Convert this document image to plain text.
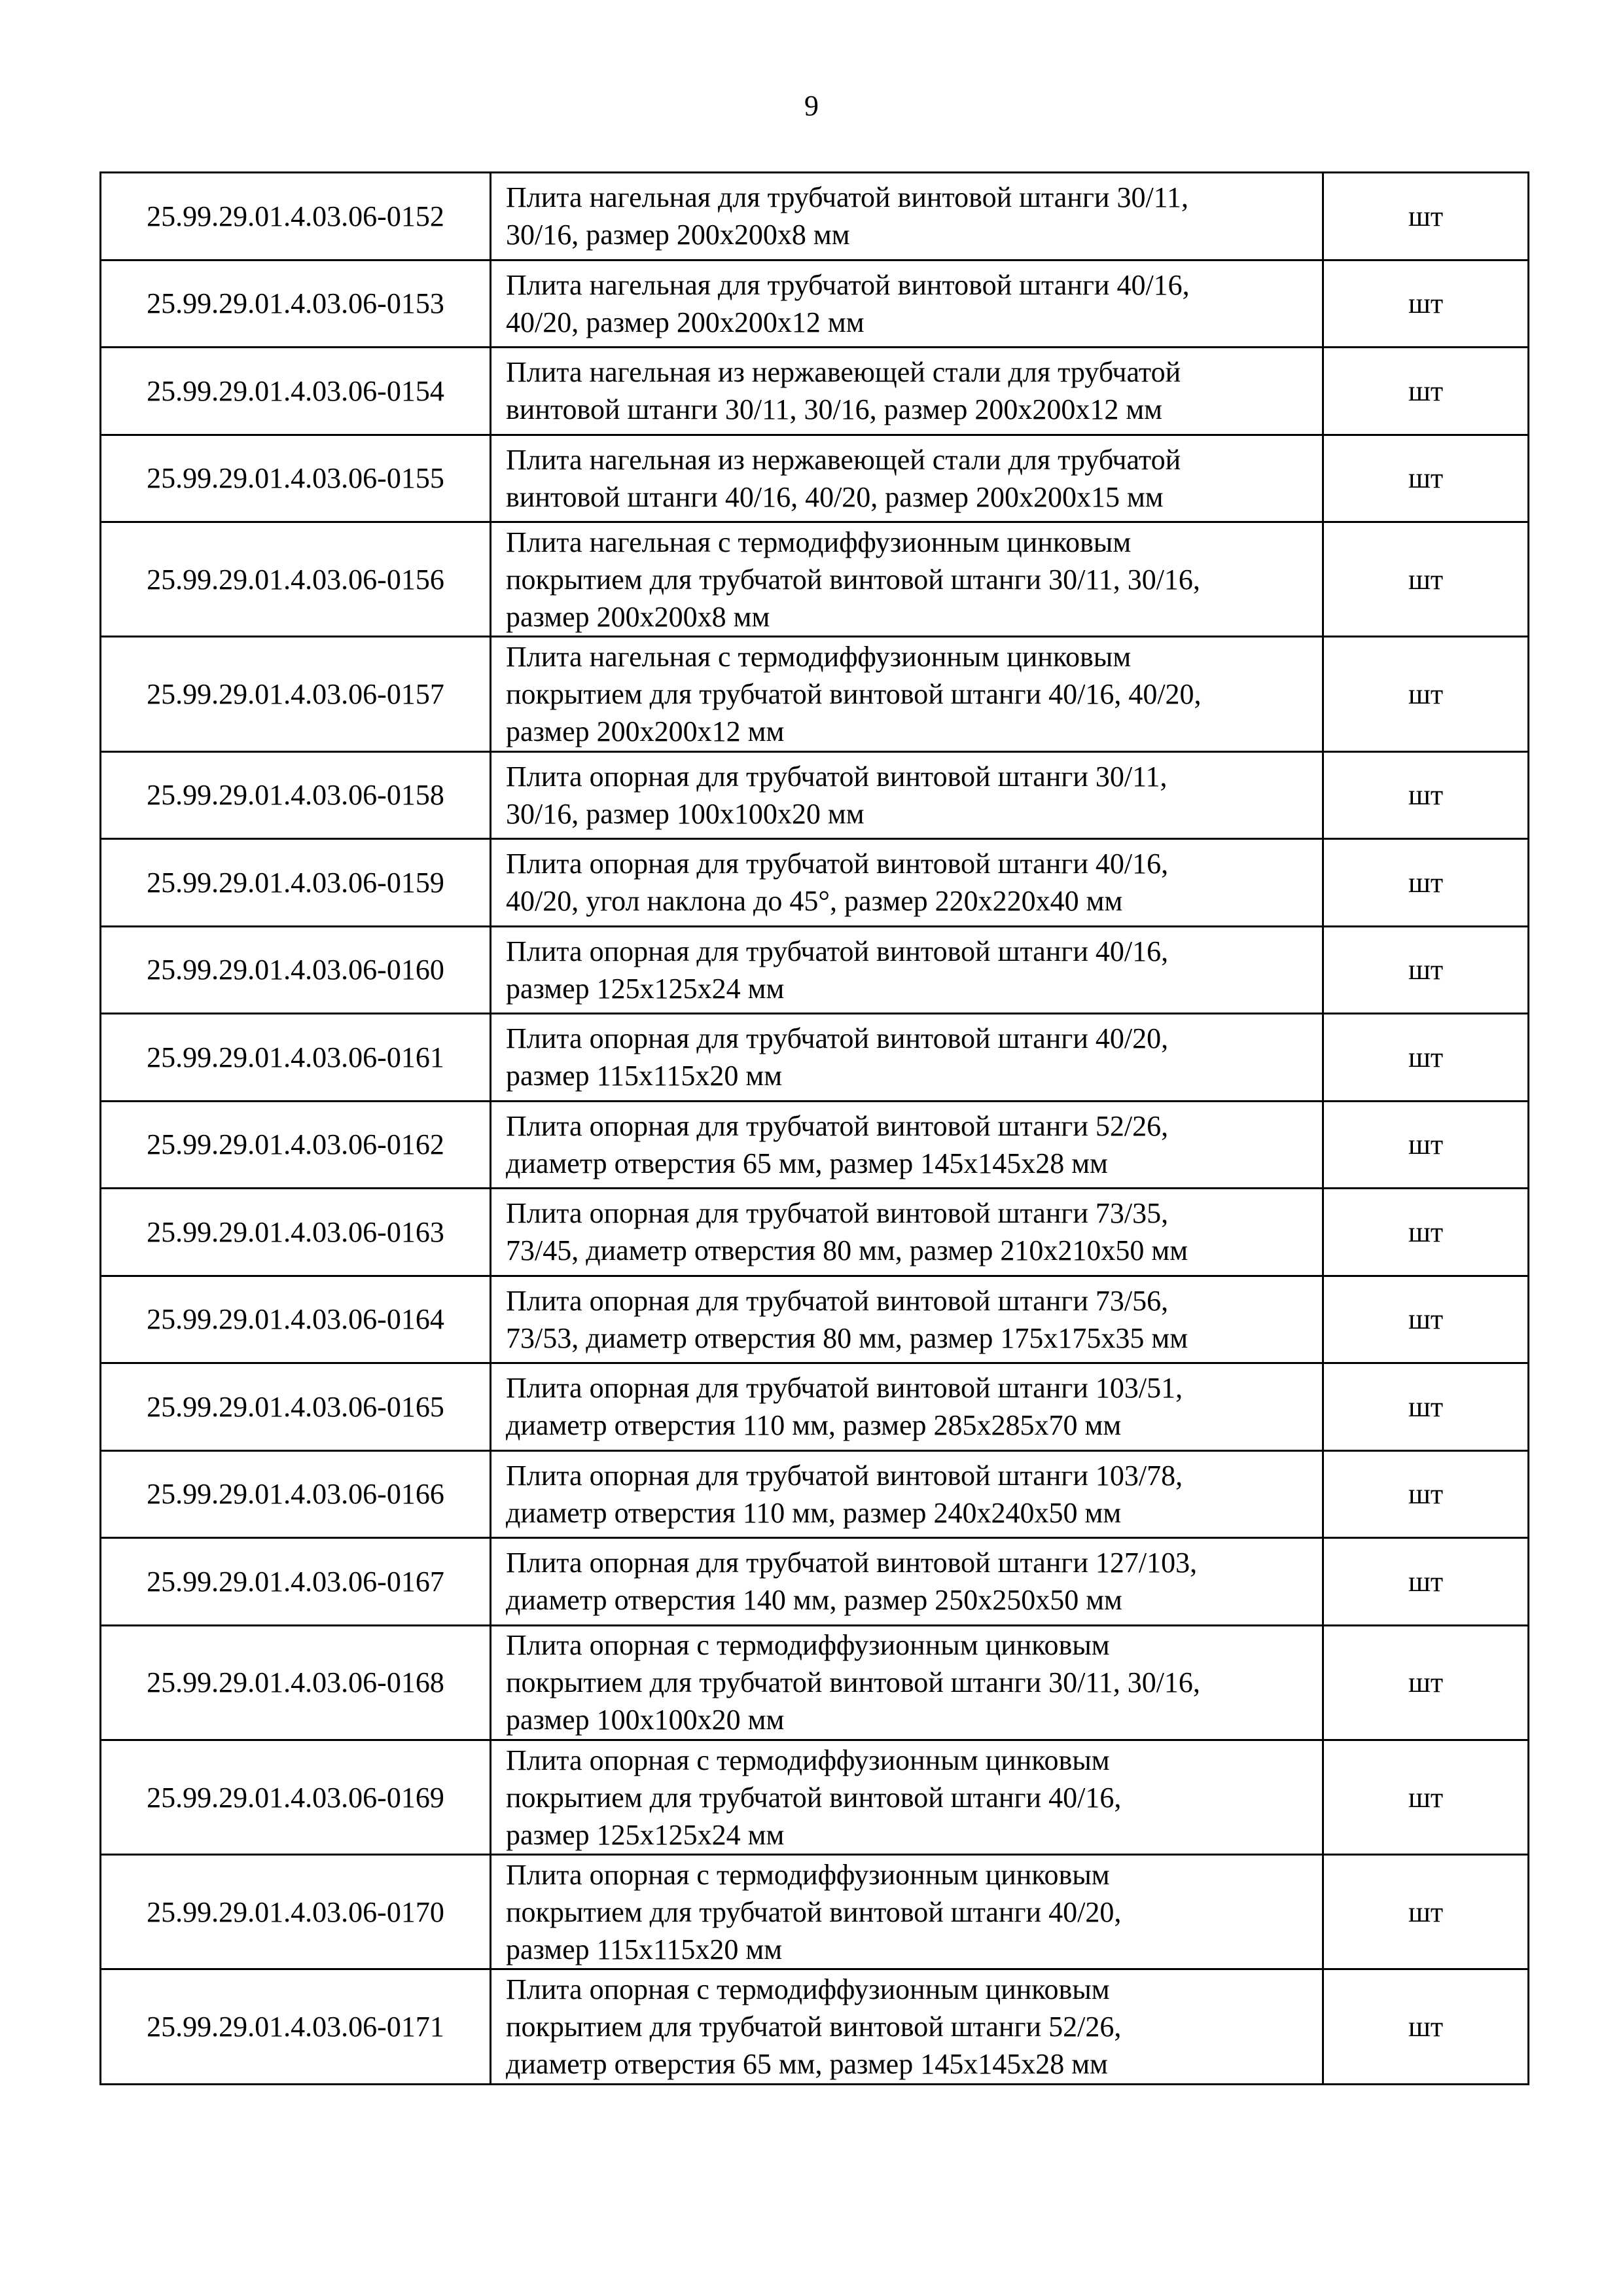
9
25.99.29.01.4.03.06-0152	Плита нагельная для трубчатой винтовой штанги 30/11,
30/16, размер 200x200x8 мм	шт
25.99.29.01.4.03.06-0153	Плита нагельная для трубчатой винтовой штанги 40/16,
40/20, размер 200x200x12 мм	шт
25.99.29.01.4.03.06-0154	Плита нагельная из нержавеющей стали для трубчатой
винтовой штанги 30/11, 30/16, размер 200x200x12 мм	шт
25.99.29.01.4.03.06-0155	Плита нагельная из нержавеющей стали для трубчатой
винтовой штанги 40/16, 40/20, размер 200x200x15 мм	шт
25.99.29.01.4.03.06-0156	Плита нагельная с термодиффузионным цинковым
покрытием для трубчатой винтовой штанги 30/11, 30/16,
размер 200x200x8 мм	шт
25.99.29.01.4.03.06-0157	Плита нагельная с термодиффузионным цинковым
покрытием для трубчатой винтовой штанги 40/16, 40/20,
размер 200x200x12 мм	шт
25.99.29.01.4.03.06-0158	Плита опорная для трубчатой винтовой штанги 30/11,
30/16, размер 100x100x20 мм	шт
25.99.29.01.4.03.06-0159	Плита опорная для трубчатой винтовой штанги 40/16,
40/20, угол наклона до 45°, размер 220x220x40 мм	шт
25.99.29.01.4.03.06-0160	Плита опорная для трубчатой винтовой штанги 40/16,
размер 125x125x24 мм	шт
25.99.29.01.4.03.06-0161	Плита опорная для трубчатой винтовой штанги 40/20,
размер 115x115x20 мм	шт
25.99.29.01.4.03.06-0162	Плита опорная для трубчатой винтовой штанги 52/26,
диаметр отверстия 65 мм, размер 145x145x28 мм	шт
25.99.29.01.4.03.06-0163	Плита опорная для трубчатой винтовой штанги 73/35,
73/45, диаметр отверстия 80 мм, размер 210x210x50 мм	шт
25.99.29.01.4.03.06-0164	Плита опорная для трубчатой винтовой штанги 73/56,
73/53, диаметр отверстия 80 мм, размер 175x175x35 мм	шт
25.99.29.01.4.03.06-0165	Плита опорная для трубчатой винтовой штанги 103/51,
диаметр отверстия 110 мм, размер 285x285x70 мм	шт
25.99.29.01.4.03.06-0166	Плита опорная для трубчатой винтовой штанги 103/78,
диаметр отверстия 110 мм, размер 240x240x50 мм	шт
25.99.29.01.4.03.06-0167	Плита опорная для трубчатой винтовой штанги 127/103,
диаметр отверстия 140 мм, размер 250x250x50 мм	шт
25.99.29.01.4.03.06-0168	Плита опорная с термодиффузионным цинковым
покрытием для трубчатой винтовой штанги 30/11, 30/16,
размер 100x100x20 мм	шт
25.99.29.01.4.03.06-0169	Плита опорная с термодиффузионным цинковым
покрытием для трубчатой винтовой штанги 40/16,
размер 125x125x24 мм	шт
25.99.29.01.4.03.06-0170	Плита опорная с термодиффузионным цинковым
покрытием для трубчатой винтовой штанги 40/20,
размер 115x115x20 мм	шт
25.99.29.01.4.03.06-0171	Плита опорная с термодиффузионным цинковым
покрытием для трубчатой винтовой штанги 52/26,
диаметр отверстия 65 мм, размер 145x145x28 мм	шт
